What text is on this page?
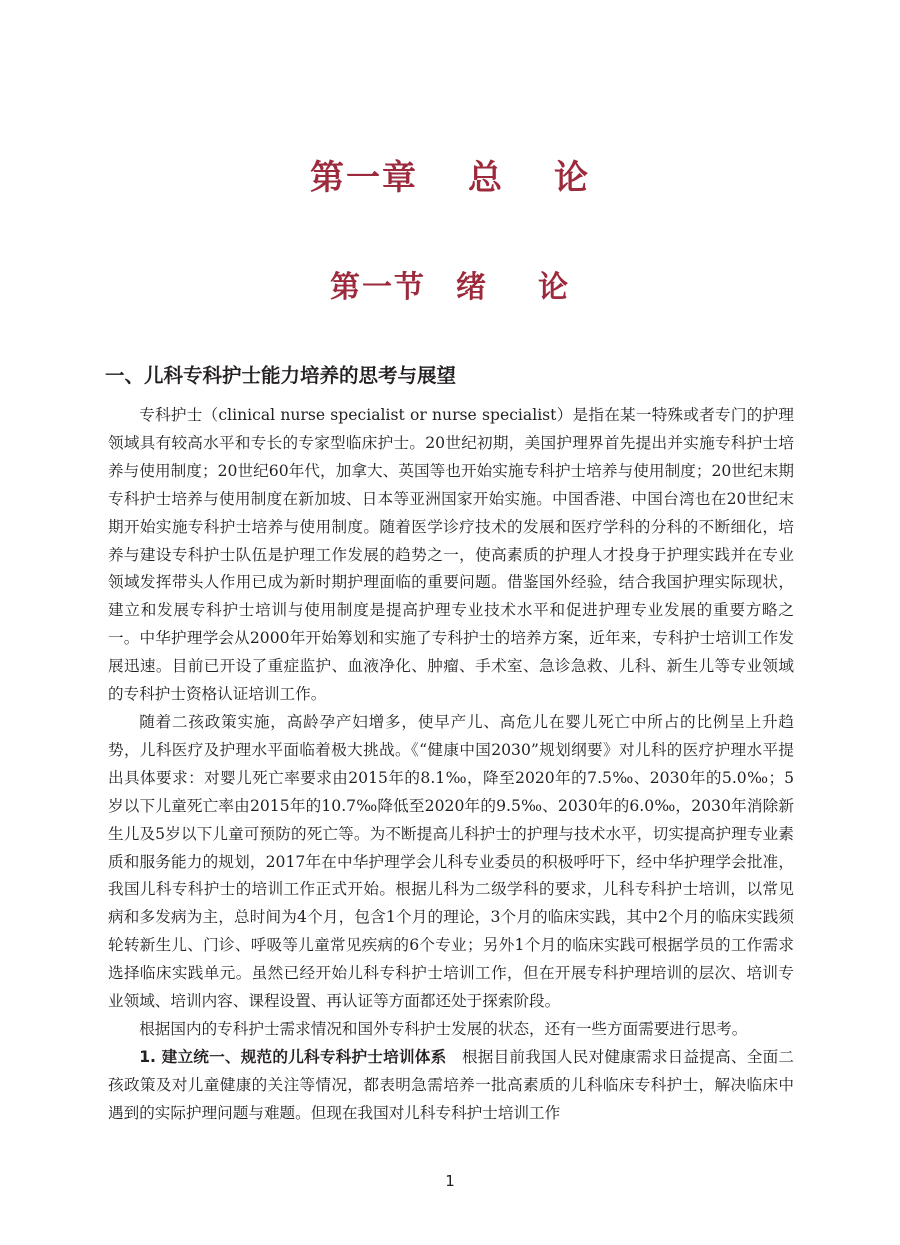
第一章 总 论
第一节 绪 论
一、儿科专科护士能力培养的思考与展望

专科护士（clinical nurse specialist or nurse specialist）是指在某一特殊或者专门的护理领域具有较高水平和专长的专家型临床护士。20世纪初期，美国护理界首先提出并实施专科护士培养与使用制度；20世纪60年代，加拿大、英国等也开始实施专科护士培养与使用制度；20世纪末期专科护士培养与使用制度在新加坡、日本等亚洲国家开始实施。中国香港、中国台湾也在20世纪末期开始实施专科护士培养与使用制度。随着医学诊疗技术的发展和医疗学科的分科的不断细化，培养与建设专科护士队伍是护理工作发展的趋势之一，使高素质的护理人才投身于护理实践并在专业领域发挥带头人作用已成为新时期护理面临的重要问题。借鉴国外经验，结合我国护理实际现状，建立和发展专科护士培训与使用制度是提高护理专业技术水平和促进护理专业发展的重要方略之一。中华护理学会从2000年开始筹划和实施了专科护士的培养方案，近年来，专科护士培训工作发展迅速。目前已开设了重症监护、血液净化、肿瘤、手术室、急诊急救、儿科、新生儿等专业领域的专科护士资格认证培训工作。

随着二孩政策实施，高龄孕产妇增多，使早产儿、高危儿在婴儿死亡中所占的比例呈上升趋势，儿科医疗及护理水平面临着极大挑战。《“健康中国2030”规划纲要》对儿科的医疗护理水平提出具体要求：对婴儿死亡率要求由2015年的8.1‰，降至2020年的7.5‰、2030年的5.0‰；5岁以下儿童死亡率由2015年的10.7‰降低至2020年的9.5‰、2030年的6.0‰，2030年消除新生儿及5岁以下儿童可预防的死亡等。为不断提高儿科护士的护理与技术水平，切实提高护理专业素质和服务能力的规划，2017年在中华护理学会儿科专业委员的积极呼吁下，经中华护理学会批准，我国儿科专科护士的培训工作正式开始。根据儿科为二级学科的要求，儿科专科护士培训，以常见病和多发病为主，总时间为4个月，包含1个月的理论，3个月的临床实践，其中2个月的临床实践须轮转新生儿、门诊、呼吸等儿童常见疾病的6个专业；另外1个月的临床实践可根据学员的工作需求选择临床实践单元。虽然已经开始儿科专科护士培训工作，但在开展专科护理培训的层次、培训专业领域、培训内容、课程设置、再认证等方面都还处于探索阶段。

根据国内的专科护士需求情况和国外专科护士发展的状态，还有一些方面需要进行思考。

1. 建立统一、规范的儿科专科护士培训体系 根据目前我国人民对健康需求日益提高、全面二孩政策及对儿童健康的关注等情况，都表明急需培养一批高素质的儿科临床专科护士，解决临床中遇到的实际护理问题与难题。但现在我国对儿科专科护士培训工作

1
